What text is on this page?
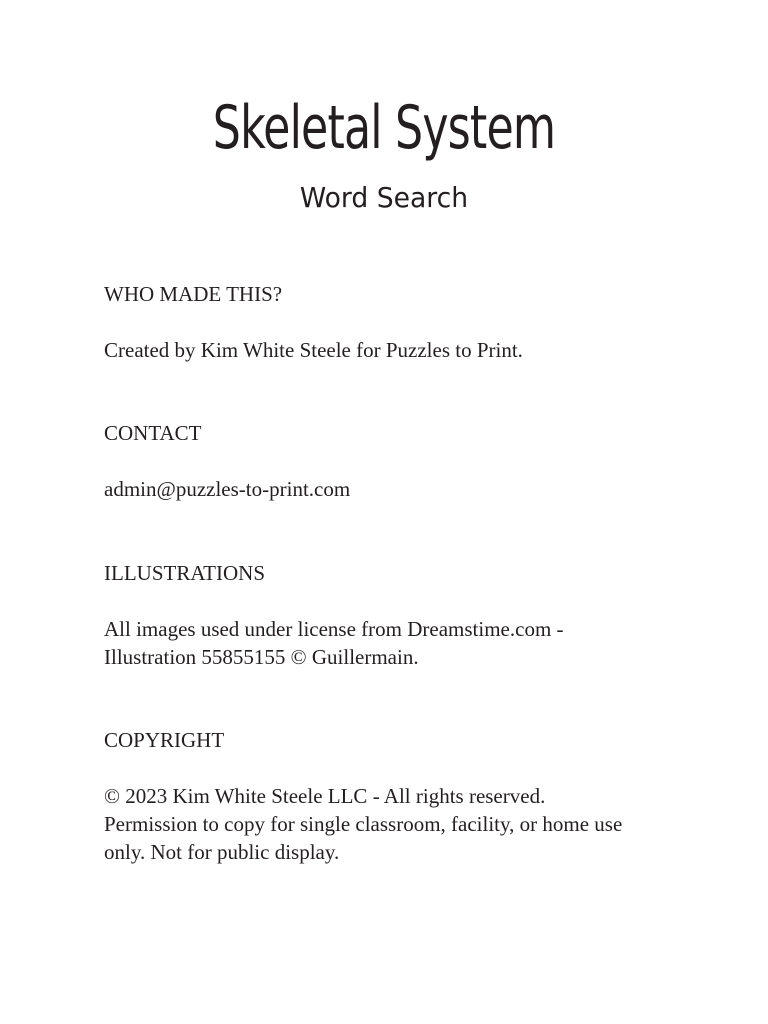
Skeletal System
Word Search
WHO MADE THIS?
Created by Kim White Steele for Puzzles to Print.
CONTACT
admin@puzzles-to-print.com
ILLUSTRATIONS
All images used under license from Dreamstime.com -
Illustration 55855155 © Guillermain.
COPYRIGHT
© 2023 Kim White Steele LLC - All rights reserved.
Permission to copy for single classroom, facility, or home use
only. Not for public display.
